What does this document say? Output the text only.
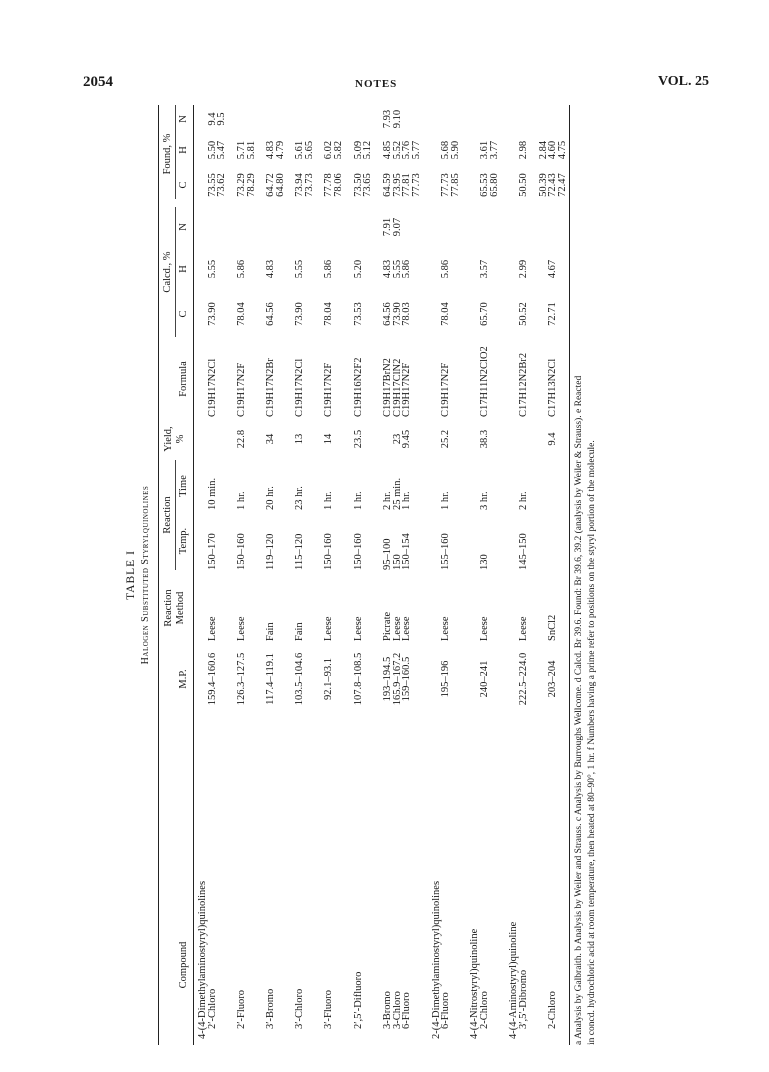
2054	NOTES	VOL. 25
TABLE I Halogen Substituted Styrylquinolines Reaction
Calcd., %
Found, %
Compound
M.P.
Reaction Method
Temp.
Time
Yield, %
Formula
C
H
N
C
H
N
4-(4-Dimethylaminostyryl)quinolines
2′-Chloro
159.4–160.6
Leese
150–170
10 min.
C19H17N2Cl
73.90
5.55
73.55
5.50
9.4
73.62
5.47
9.5
2′-Fluoro
126.3–127.5
Leese
150–160
1 hr.
22.8
C19H17N2F
78.04
5.86
73.29
5.71
78.29
5.81
3′-Bromo
117.4–119.1
Fain
119–120
20 hr.
34
C19H17N2Br
64.56
4.83
64.72
4.83
64.80
4.79
3′-Chloro
103.5–104.6
Fain
115–120
23 hr.
13
C19H17N2Cl
73.90
5.55
73.94
5.61
73.73
5.65
3′-Fluoro
92.1–93.1
Leese
150–160
1 hr.
14
C19H17N2F
78.04
5.86
77.78
6.02
78.06
5.82
2′,5′-Difluoro
107.8–108.5
Leese
150–160
1 hr.
23.5
C19H16N2F2
73.53
5.20
73.50
5.09
73.65
5.12
3-Bromo
193–194.5
Picrate
95–100
2 hr.
C19H17BrN2
64.56
4.83
7.91
64.59
4.85
7.93
3-Chloro
165.9–167.2
Leese
150
25 min.
23
C19H17ClN2
73.90
5.55
9.07
73.95
5.52
9.10
6-Fluoro
159–160.5
Leese
150–154
1 hr.
9.45
C19H17N2F
78.03
5.86
77.81
5.76
77.73
5.77
2-(4-Dimethylaminostyryl)quinolines
6-Fluoro
195–196
Leese
155–160
1 hr.
25.2
C19H17N2F
78.04
5.86
77.73
5.68
77.85
5.90
4-(4-Nitrostyryl)quinoline
2-Chloro
240–241
Leese
130
3 hr.
38.3
C17H11N2ClO2
65.70
3.57
65.53
3.61
65.80
3.77
4-(4-Aminostyryl)quinoline
3′,5′-Dibromo
222.5–224.0
Leese
145–150
2 hr.
C17H12N2Br2
50.52
2.99
50.50
2.98
50.39
2.84
2-Chloro
203–204
SnCl2
9.4
C17H13N2Cl
72.71
4.67
72.43
4.60
72.47
4.75
a Analysis by Galbraith. b Analysis by Weiler and Strauss. c Analysis by Burroughs Wellcome. d Calcd. Br 39.6. Found: Br 39.6, 39.2 (analysis by Weiler & Strauss). e Reacted in concd. hydrochloric acid at room temperature, then heated at 80–90°, 1 hr. f Numbers having a prime refer to positions on the styryl portion of the molecule.
